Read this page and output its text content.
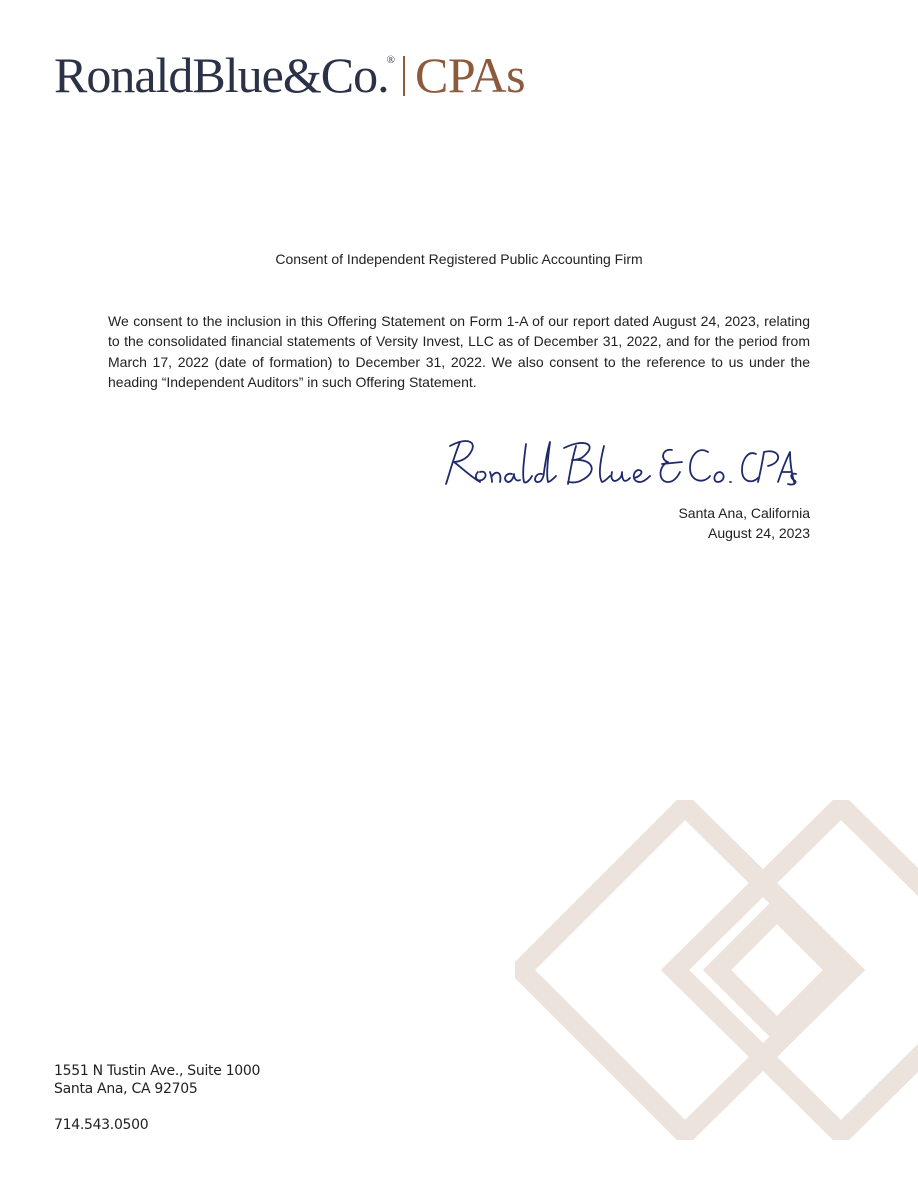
RonaldBlue&Co.® CPAs
Consent of Independent Registered Public Accounting Firm

We consent to the inclusion in this Offering Statement on Form 1-A of our report dated August 24, 2023, relating to the consolidated financial statements of Versity Invest, LLC as of December 31, 2022, and for the period from March 17, 2022 (date of formation) to December 31, 2022. We also consent to the reference to us under the heading “Independent Auditors” in such Offering Statement.

Santa Ana, California
August 24, 2023
1551 N Tustin Ave., Suite 1000
Santa Ana, CA 92705
714.543.0500
